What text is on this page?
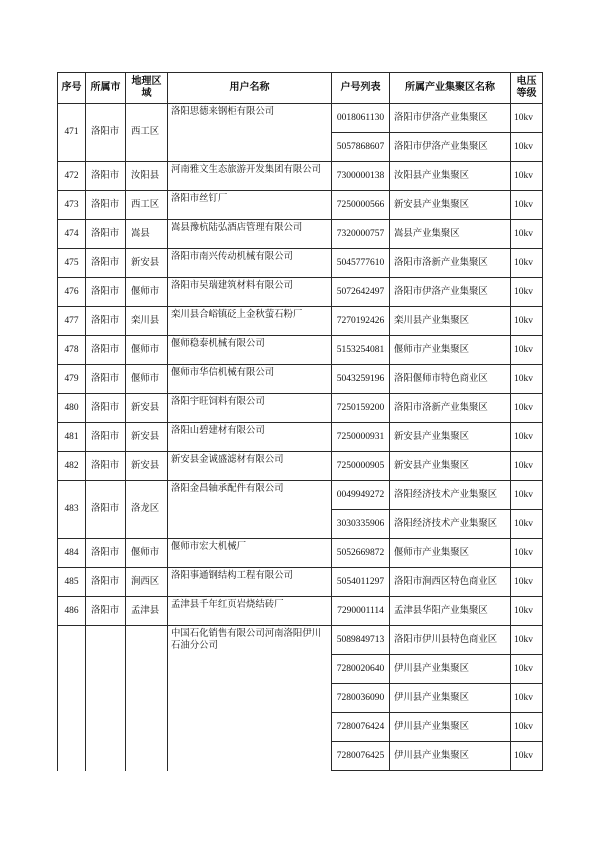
序号	所属市	地理区域	用户名称	户号列表	所属产业集聚区名称	电压等级
471	洛阳市	西工区	洛阳思德来钢柜有限公司	0018061130	洛阳市伊洛产业集聚区	10kv
				5057868607	洛阳市伊洛产业集聚区	10kv
472	洛阳市	汝阳县	河南雅文生态旅游开发集团有限公司	7300000138	汝阳县产业集聚区	10kv
473	洛阳市	西工区	洛阳市丝钉厂	7250000566	新安县产业集聚区	10kv
474	洛阳市	嵩县	嵩县豫杭陆弘酒店管理有限公司	7320000757	嵩县产业集聚区	10kv
475	洛阳市	新安县	洛阳市南兴传动机械有限公司	5045777610	洛阳市洛新产业集聚区	10kv
476	洛阳市	偃师市	洛阳市吴瑞建筑材料有限公司	5072642497	洛阳市伊洛产业集聚区	10kv
477	洛阳市	栾川县	栾川县合峪镇砭上金秋萤石粉厂	7270192426	栾川县产业集聚区	10kv
478	洛阳市	偃师市	偃师稳泰机械有限公司	5153254081	偃师市产业集聚区	10kv
479	洛阳市	偃师市	偃师市华信机械有限公司	5043259196	洛阳偃师市特色商业区	10kv
480	洛阳市	新安县	洛阳宇旺饲料有限公司	7250159200	洛阳市洛新产业集聚区	10kv
481	洛阳市	新安县	洛阳山碧建材有限公司	7250000931	新安县产业集聚区	10kv
482	洛阳市	新安县	新安县金诚盛滤材有限公司	7250000905	新安县产业集聚区	10kv
483	洛阳市	洛龙区	洛阳金昌轴承配件有限公司	0049949272	洛阳经济技术产业集聚区	10kv
				3030335906	洛阳经济技术产业集聚区	10kv
484	洛阳市	偃师市	偃师市宏大机械厂	5052669872	偃师市产业集聚区	10kv
485	洛阳市	涧西区	洛阳事通钢结构工程有限公司	5054011297	洛阳市涧西区特色商业区	10kv
486	洛阳市	孟津县	孟津县千年红页岩烧结砖厂	7290001114	孟津县华阳产业集聚区	10kv
			中国石化销售有限公司河南洛阳伊川石油分公司	5089849713	洛阳市伊川县特色商业区	10kv
				7280020640	伊川县产业集聚区	10kv
				7280036090	伊川县产业集聚区	10kv
				7280076424	伊川县产业集聚区	10kv
				7280076425	伊川县产业集聚区	10kv
